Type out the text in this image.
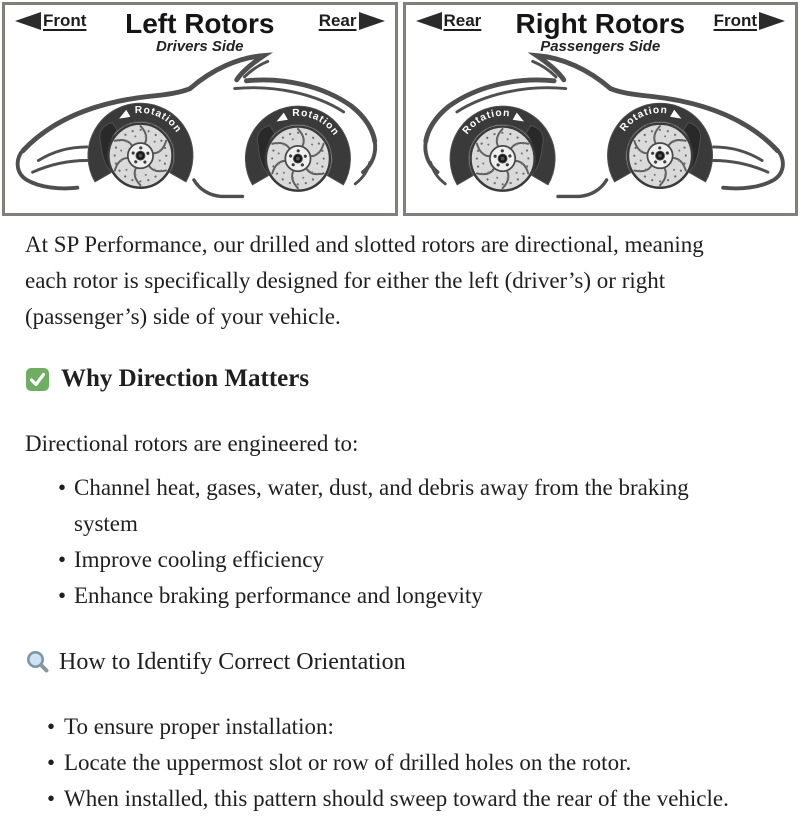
Front Left Rotors
Drivers Side
Rear
Rotation
Rotation
Rear Right Rotors
Passengers Side
Front
Rotation
Rotation

At SP Performance, our drilled and slotted rotors are directional, meaning each rotor is specifically designed for either the left (driver’s) or right (passenger’s) side of your vehicle.

Why Direction Matters

Directional rotors are engineered to:

• Channel heat, gases, water, dust, and debris away from the braking system
• Improve cooling efficiency
• Enhance braking performance and longevity
How to Identify Correct Orientation
• To ensure proper installation:
• Locate the uppermost slot or row of drilled holes on the rotor.
• When installed, this pattern should sweep toward the rear of the vehicle.
